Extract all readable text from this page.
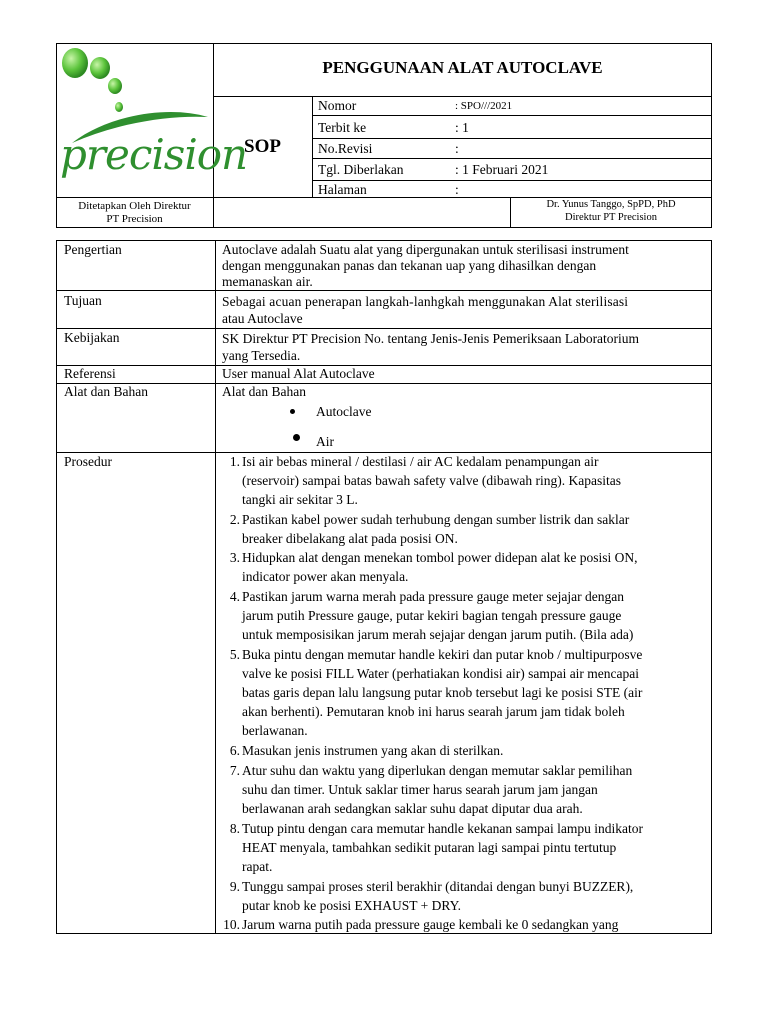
precision
PENGGUNAAN ALAT AUTOCLAVE
SOP
Nomor	: SPO///2021
Terbit ke	: 1
No.Revisi	:
Tgl. Diberlakan	: 1 Februari 2021
Halaman	:
Ditetapkan Oleh Direktur
PT Precision
Dr. Yunus Tanggo, SpPD, PhD
Direktur PT Precision
Pengertian	Autoclave adalah Suatu alat yang dipergunakan untuk sterilisasi instrument
dengan menggunakan panas dan tekanan uap yang dihasilkan dengan
memanaskan air.
Tujuan	Sebagai acuan penerapan langkah-lanhgkah menggunakan Alat sterilisasi
atau Autoclave
Kebijakan	SK Direktur PT Precision No. tentang Jenis-Jenis Pemeriksaan Laboratorium
yang Tersedia.
Referensi	User manual Alat Autoclave
Alat dan Bahan	Alat dan Bahan
Autoclave
Air
Prosedur	1. Isi air bebas mineral / destilasi / air AC kedalam penampungan air
(reservoir) sampai batas bawah safety valve (dibawah ring). Kapasitas
tangki air sekitar 3 L.
2. Pastikan kabel power sudah terhubung dengan sumber listrik dan saklar
breaker dibelakang alat pada posisi ON.
3. Hidupkan alat dengan menekan tombol power didepan alat ke posisi ON,
indicator power akan menyala.
4. Pastikan jarum warna merah pada pressure gauge meter sejajar dengan
jarum putih Pressure gauge, putar kekiri bagian tengah pressure gauge
untuk memposisikan jarum merah sejajar dengan jarum putih. (Bila ada)
5. Buka pintu dengan memutar handle kekiri dan putar knob / multipurposve
valve ke posisi FILL Water (perhatiakan kondisi air) sampai air mencapai
batas garis depan lalu langsung putar knob tersebut lagi ke posisi STE (air
akan berhenti). Pemutaran knob ini harus searah jarum jam tidak boleh
berlawanan.
6. Masukan jenis instrumen yang akan di sterilkan.
7. Atur suhu dan waktu yang diperlukan dengan memutar saklar pemilihan
suhu dan timer. Untuk saklar timer harus searah jarum jam jangan
berlawanan arah sedangkan saklar suhu dapat diputar dua arah.
8. Tutup pintu dengan cara memutar handle kekanan sampai lampu indikator
HEAT menyala, tambahkan sedikit putaran lagi sampai pintu tertutup
rapat.
9. Tunggu sampai proses steril berakhir (ditandai dengan bunyi BUZZER),
putar knob ke posisi EXHAUST + DRY.
10. Jarum warna putih pada pressure gauge kembali ke 0 sedangkan yang
